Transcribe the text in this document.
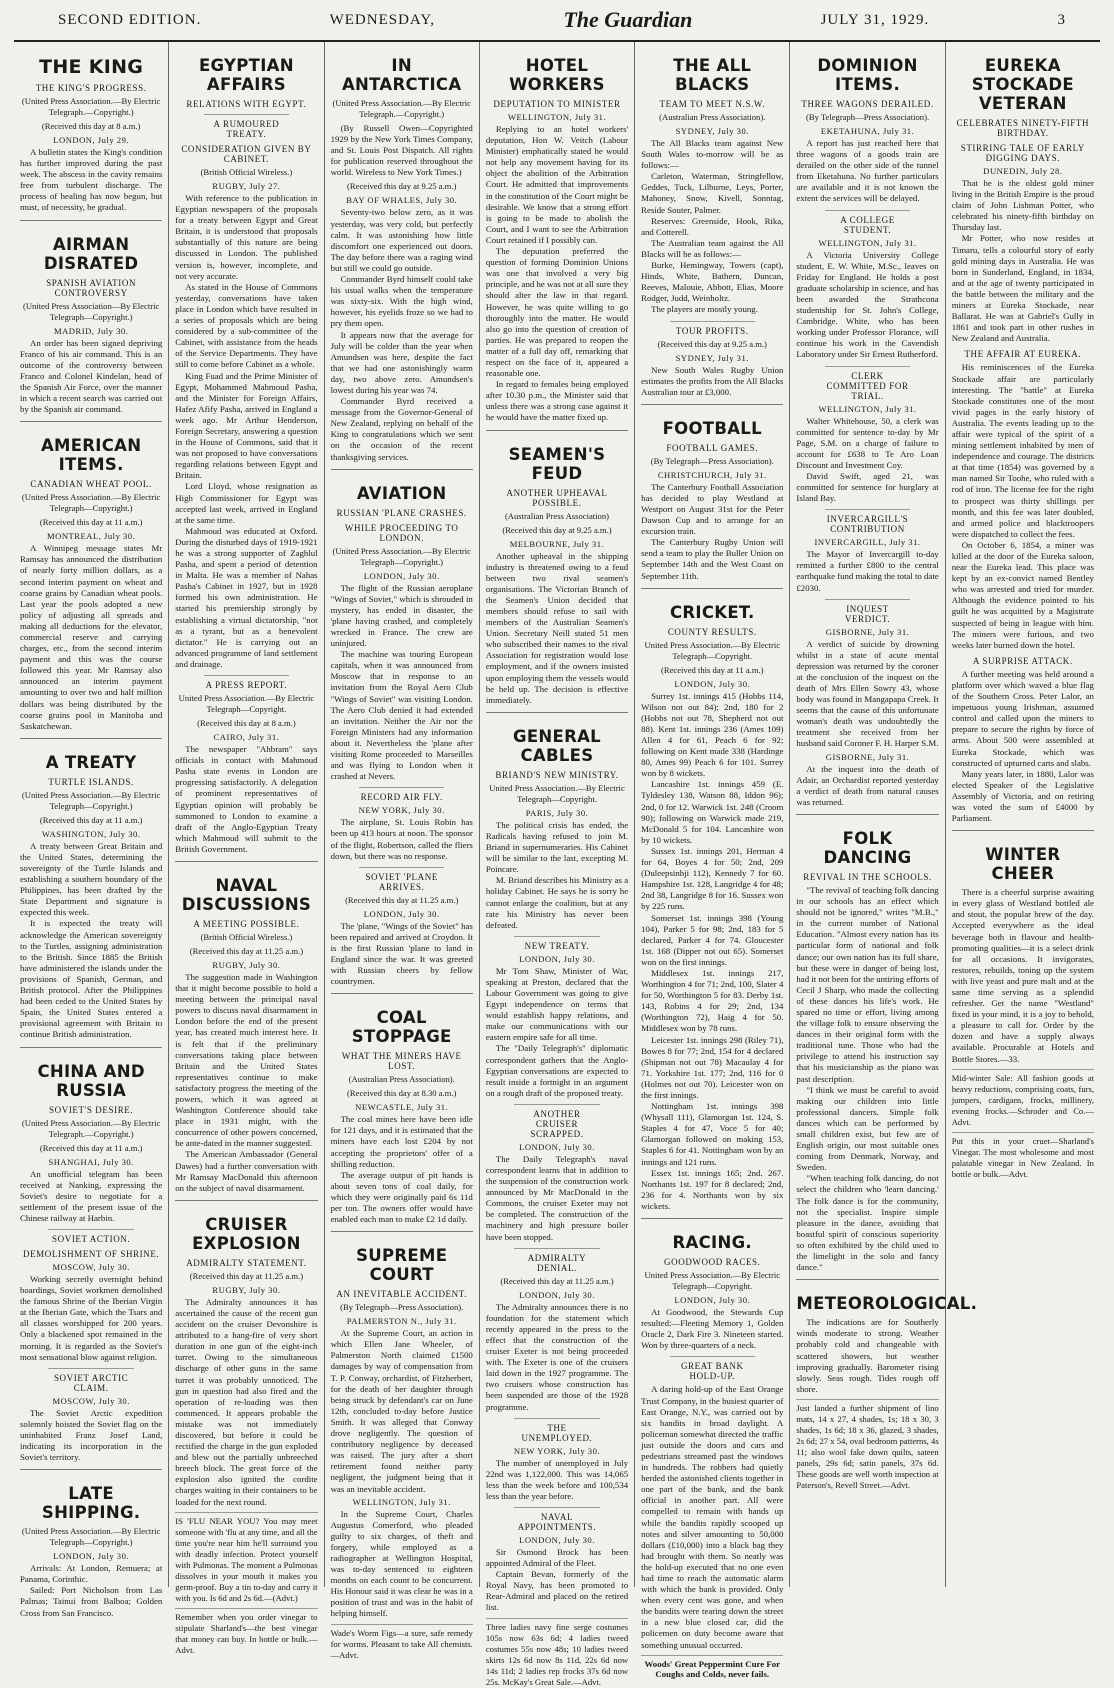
SECOND EDITION.	WEDNESDAY,	The Guardian	JULY 31, 1929.	3
THE KING
THE KING'S PROGRESS.
(United Press Association.—By Electric Telegraph.—Copyright.)
(Received this day at 8 a.m.)
LONDON, July 29.

A bulletin states the King's condition has further improved during the past week. The abscess in the cavity remains free from turbulent discharge. The process of healing has now begun, but must, of necessity, be gradual.

AIRMAN DISRATED
SPANISH AVIATION CONTROVERSY
(United Press Association—By Electric Telegraph—Copyright.)
MADRID, July 30.

An order has been signed depriving Franco of his air command. This is an outcome of the controversy between Franco and Colonel Kindelan, head of the Spanish Air Force, over the manner in which a recent search was carried out by the Spanish air command.

AMERICAN ITEMS.
CANADIAN WHEAT POOL.
(United Press Association.—By Electric Telegraph—Copyright.)
(Received this day at 11 a.m.)
MONTREAL, July 30.

A Winnipeg message states Mr Ramsay has announced the distribution of nearly forty million dollars, as a second interim payment on wheat and coarse grains by Canadian wheat pools. Last year the pools adopted a new policy of adjusting all spreads and making all deductions for the elevator, commercial reserve and carrying charges, etc., from the second interim payment and this was the course followed this year. Mr Ramsay also announced an interim payment amounting to over two and half million dollars was being distributed by the coarse grains pool in Manitoba and Saskatchewan.

A TREATY
TURTLE ISLANDS.
(United Press Association.—By Electric Telegraph—Copyright.)
(Received this day at 11 a.m.)
WASHINGTON, July 30.

A treaty between Great Britain and the United States, determining the sovereignty of the Turtle Islands and establishing a southern boundary of the Philippines, has been drafted by the State Department and signature is expected this week.

It is expected the treaty will acknowledge the American sovereignty to the Turtles, assigning administration to the British. Since 1885 the British have administered the islands under the provisions of Spanish, German, and British protocol. After the Philippines had been ceded to the United States by Spain, the United States entered a provisional agreement with Britain to continue British administration.

CHINA AND RUSSIA
SOVIET'S DESIRE.
(United Press Association.—By Electric Telegraph.—Copyright.)
(Received this day at 11 a.m.)
SHANGHAI, July 30.

An unofficial telegram has been received at Nanking, expressing the Soviet's desire to negotiate for a settlement of the present issue of the Chinese railway at Harbin.

SOVIET ACTION.
DEMOLISHMENT OF SHRINE.
MOSCOW, July 30.

Working secretly overnight behind boardings, Soviet workmen demolished the famous Shrine of the Iberian Virgin at the Iberian Gate, which the Tsars and all classes worshipped for 200 years. Only a blackened spot remained in the morning. It is regarded as the Soviet's most sensational blow against religion.

SOVIET ARCTIC CLAIM.
MOSCOW, July 30.

The Soviet Arctic expedition solemnly hoisted the Soviet flag on the uninhabited Franz Josef Land, indicating its incorporation in the Soviet's territory.

LATE SHIPPING.
(United Press Association.—By Electric Telegraph—Copyright.)
LONDON, July 30.

Arrivals: At London, Remuera; at Panama, Corinthic.

Sailed: Port Nicholson from Las Palmas; Tainui from Balboa; Golden Cross from San Francisco.

EGYPTIAN AFFAIRS
RELATIONS WITH EGYPT.
A RUMOURED TREATY.
CONSIDERATION GIVEN BY CABINET.
(British Official Wireless.)
RUGBY, July 27.

With reference to the publication in Egyptian newspapers of the proposals for a treaty between Egypt and Great Britain, it is understood that proposals substantially of this nature are being discussed in London. The published version is, however, incomplete, and not very accurate.

As stated in the House of Commons yesterday, conversations have taken place in London which have resulted in a series of proposals which are being considered by a sub-committee of the Cabinet, with assistance from the heads of the Service Departments. They have still to come before Cabinet as a whole.

King Fuad and the Prime Minister of Egypt, Mohammed Mahmoud Pasha, and the Minister for Foreign Affairs, Hafez Afify Pasha, arrived in England a week ago. Mr Arthur Henderson, Foreign Secretary, answering a question in the House of Commons, said that it was not proposed to have conversations regarding relations between Egypt and Britain.

Lord Lloyd, whose resignation as High Commissioner for Egypt was accepted last week, arrived in England at the same time.

Mahmoud was educated at Oxford. During the disturbed days of 1919-1921 he was a strong supporter of Zaghlul Pasha, and spent a period of detention in Malta. He was a member of Nahas Pasha's Cabinet in 1927, but in 1928 formed his own administration. He started his premiership strongly by establishing a virtual dictatorship, "not as a tyrant, but as a benevolent dictator." He is carrying out an advanced programme of land settlement and drainage.

A PRESS REPORT.
United Press Association.—By Electric Telegraph—Copyright.
(Received this day at 8 a.m.)
CAIRO, July 31.

The newspaper "Ahbram" says officials in contact with Mahmoud Pasha state events in London are progressing satisfactorily. A delegation of prominent representatives of Egyptian opinion will probably be summoned to London to examine a draft of the Anglo-Egyptian Treaty which Mahmoud will submit to the British Government.

NAVAL DISCUSSIONS
A MEETING POSSIBLE.
(British Official Wireless.)
(Received this day at 11.25 a.m.)
RUGBY, July 30.

The suggestion made in Washington that it might become possible to hold a meeting between the principal naval powers to discuss naval disarmament in London before the end of the present year, has created much interest here. It is felt that if the preliminary conversations taking place between Britain and the United States representatives continue to make satisfactory progress the meeting of the powers, which it was agreed at Washington Conference should take place in 1931 might, with the concurrence of other powers concerned, be ante-dated in the manner suggested.

The American Ambassador (General Dawes) had a further conversation with Mr Ramsay MacDonald this afternoon on the subject of naval disarmament.

CRUISER EXPLOSION
ADMIRALTY STATEMENT.
(Received this day at 11.25 a.m.)
RUGBY, July 30.

The Admiralty announces it has ascertained the cause of the recent gun accident on the cruiser Devonshire is attributed to a hang-fire of very short duration in one gun of the eight-inch turret. Owing to the simultaneous discharge of other guns in the same turret it was probably unnoticed. The gun in question had also fired and the operation of re-loading was then commenced. It appears probable the mistake was not immediately discovered, but before it could be rectified the charge in the gun exploded and blew out the partially unbreeched breech block. The great force of the explosion also ignited the cordite charges waiting in their containers to be loaded for the next round.

IS 'FLU NEAR YOU? You may meet someone with 'flu at any time, and all the time you're near him he'll surround you with deadly infection. Protect yourself with Pulmonas. The moment a Pulmonas dissolves in your mouth it makes you germ-proof. Buy a tin to-day and carry it with you. Is 6d and 2s 6d.—(Advt.)
Remember when you order vinegar to stipulate Sharland's—the best vinegar that money can buy. In bottle or bulk.—Advt.
IN ANTARCTICA
(United Press Association.—By Electric Telegraph.—Copyright.)

(By Russell Owen—Copyrighted 1929 by the New York Times Company, and St. Louis Post Dispatch. All rights for publication reserved throughout the world. Wireless to New York Times.)

(Received this day at 9.25 a.m.)
BAY OF WHALES, July 30.

Seventy-two below zero, as it was yesterday, was very cold, but perfectly calm. It was astonishing how little discomfort one experienced out doors. The day before there was a raging wind but still we could go outside.

Commander Byrd himself could take his usual walks when the temperature was sixty-six. With the high wind, however, his eyelids froze so we had to pry them open.

It appears now that the average for July will be colder than the year when Amundsen was here, despite the fact that we had one astonishingly warm day, two above zero. Amundsen's lowest during his year was 74.

Commander Byrd received a message from the Governor-General of New Zealand, replying on behalf of the King to congratulations which we sent on the occasion of the recent thanksgiving services.

AVIATION
RUSSIAN 'PLANE CRASHES.
WHILE PROCEEDING TO LONDON.
(United Press Association.—By Electric Telegraph—Copyright.)
LONDON, July 30.

The flight of the Russian aeroplane "Wings of Soviet," which is shrouded in mystery, has ended in disaster, the 'plane having crashed, and completely wrecked in France. The crew are uninjured.

The machine was touring European capitals, when it was announced from Moscow that in response to an invitation from the Royal Aero Club "Wings of Soviet" was visiting London. The Aero Club denied it had extended an invitation. Neither the Air nor the Foreign Ministers had any information about it. Nevertheless the 'plane after visiting Rome proceeded to Marseilles and was flying to London when it crashed at Nevers.

RECORD AIR FLY.
NEW YORK, July 30.

The airplane, St. Louis Robin has been up 413 hours at noon. The sponsor of the flight, Robertson, called the fliers down, but there was no response.

SOVIET 'PLANE ARRIVES.
(Received this day at 11.25 a.m.)
LONDON, July 30.

The 'plane, "Wings of the Soviet" has been repaired and arrived at Croydon. It is the first Russian 'plane to land in England since the war. It was greeted with Russian cheers by fellow countrymen.

COAL STOPPAGE
WHAT THE MINERS HAVE LOST.
(Australian Press Association).
(Received this day at 8.30 a.m.)
NEWCASTLE, July 31.

The coal mines here have been idle for 121 days, and it is estimated that the miners have each lost £204 by not accepting the proprietors' offer of a shilling reduction.

The average output of pit hands is about seven tons of coal daily, for which they were originally paid 6s 11d per ton. The owners offer would have enabled each man to make £2 1d daily.

SUPREME COURT
AN INEVITABLE ACCIDENT.
(By Telegraph—Press Association).
PALMERSTON N., July 31.

At the Supreme Court, an action in which Ellen Jane Wheeler, of Palmerston North claimed £1500 damages by way of compensation from T. P. Conway, orchardist, of Fitzherbert, for the death of her daughter through being struck by defendant's car on June 12th, concluded to-day before Justice Smith. It was alleged that Conway drove negligently. The question of contributory negligence by deceased was raised. The jury after a short retirement found neither party negligent, the judgment being that it was an inevitable accident.

WELLINGTON, July 31.

In the Supreme Court, Charles Augustus Comerford, who pleaded guilty to six charges, of theft and forgery, while employed as a radiographer at Wellington Hospital, was to-day sentenced to eighteen months on each count to be concurrent. His Honour said it was clear he was in a position of trust and was in the habit of helping himself.

Wade's Worm Figs—a sure, safe remedy for worms. Pleasant to take All chemists.—Advt.
HOTEL WORKERS
DEPUTATION TO MINISTER
WELLINGTON, July 31.

Replying to an hotel workers' deputation, Hon W. Veitch (Labour Minister) emphatically stated he would not help any movement having for its object the abolition of the Arbitration Court. He admitted that improvements in the constitution of the Court might be desirable. We know that a strong effort is going to be made to abolish the Court, and I want to see the Arbitration Court retained if I possibly can.

The deputation preferred the question of forming Dominion Unions was one that involved a very big principle, and he was not at all sure they should alter the law in that regard. However, he was quite willing to go thoroughly into the matter. He would also go into the question of creation of parties. He was prepared to reopen the matter of a full day off, remarking that respect on the face of it, appeared a reasonable one.

In regard to females being employed after 10.30 p.m., the Minister said that unless there was a strong case against it he would have the matter fixed up.

SEAMEN'S FEUD
ANOTHER UPHEAVAL POSSIBLE.
(Australian Press Association)
(Received this day at 9.25 a.m.)
MELBOURNE, July 31.

Another upheaval in the shipping industry is threatened owing to a feud between two rival seamen's organisations. The Victorian Branch of the Seamen's Union decided that members should refuse to sail with members of the Australian Seamen's Union. Secretary Neill stated 51 men who subscribed their names to the rival Association for registration would lose employment, and if the owners insisted upon employing them the vessels would be held up. The decision is effective immediately.

GENERAL CABLES
BRIAND'S NEW MINISTRY.
United Press Association.—By Electric Telegraph—Copyright.
PARIS, July 30.

The political crisis has ended, the Radicals having refused to join M. Briand in supernumeraries. His Cabinet will be similar to the last, excepting M. Poincare.

M. Briand describes his Ministry as a holiday Cabinet. He says he is sorry he cannot enlarge the coalition, but at any rate his Ministry has never been defeated.

NEW TREATY.
LONDON, July 30.

Mr Tom Shaw, Minister of War, speaking at Preston, declared that the Labour Government was going to give Egypt independence on terms that would establish happy relations, and make our communications with our eastern empire safe for all time.

The "Daily Telegraph's" diplomatic correspondent gathers that the Anglo-Egyptian conversations are expected to result inside a fortnight in an argument on a rough draft of the proposed treaty.

ANOTHER CRUISER SCRAPPED.
LONDON, July 30.

The Daily Telegraph's naval correspondent learns that in addition to the suspension of the construction work announced by Mr MacDonald in the Commons, the cruiser Exeter may not be completed. The construction of the machinery and high pressure boiler have been stopped.

ADMIRALTY DENIAL.
(Received this day at 11.25 a.m.)
LONDON, July 30.

The Admiralty announces there is no foundation for the statement which recently appeared in the press to the effect that the construction of the cruiser Exeter is not being proceeded with. The Exeter is one of the cruisers laid down in the 1927 programme. The two cruisers whose construction has been suspended are those of the 1928 programme.

THE UNEMPLOYED.
NEW YORK, July 30.

The number of unemployed in July 22nd was 1,122,000. This was 14,065 less than the week before and 100,534 less than the year before.

NAVAL APPOINTMENTS.
LONDON, July 30.

Sir Osmond Brock has been appointed Admiral of the Fleet.

Captain Bevan, formerly of the Royal Navy, has been promoted to Rear-Admiral and placed on the retired list.

Three ladies navy fine serge costumes 105s now 63s 6d; 4 ladies tweed costumes 55s now 48s; 10 ladies tweed skirts 12s 6d now 8s 11d, 22s 6d now 14s 11d; 2 ladies rep frocks 37s 6d now 25s. McKay's Great Sale.—Advt.
THE ALL BLACKS
TEAM TO MEET N.S.W.
(Australian Press Association).
SYDNEY, July 30.

The All Blacks team against New South Wales to-morrow will be as follows:—

Carleton, Waterman, Stringfellow, Geddes, Tuck, Lilburne, Leys, Porter, Mahoney, Snow, Kivell, Sonntag, Reside Souter, Palmer.

Reserves: Greenside, Hook, Rika, and Cotterell.

The Australian team against the All Blacks will be as follows:—

Burke, Hemingway, Towers (capt), Hinds, White, Bathern, Duncan, Reeves, Malouie, Abbott, Elias, Moore Rodger, Judd, Weinholtz.

The players are mostly young.

TOUR PROFITS.
(Received this day at 9.25 a.m.)
SYDNEY, July 31.

New South Wales Rugby Union estimates the profits from the All Blacks Australian tour at £3,000.

FOOTBALL
FOOTBALL GAMES.
(By Telegraph—Press Association).
CHRISTCHURCH, July 31.

The Canterbury Football Association has decided to play Westland at Westport on August 31st for the Peter Dawson Cup and to arrange for an excursion train.

The Canterbury Rugby Union will send a team to play the Buller Union on September 14th and the West Coast on September 11th.

CRICKET.
COUNTY RESULTS.
United Press Association.—By Electric Telegraph—Copyright.
(Received this day at 11 a.m.)
LONDON, July 30.

Surrey 1st. innings 415 (Hobbs 114, Wilson not out 84); 2nd, 180 for 2 (Hobbs not out 78, Shepherd not out 88). Kent 1st. innings 236 (Ames 109) Allen 4 for 61, Peach 6 for 92; following on Kent made 338 (Hardinge 80, Ames 99) Peach 6 for 101. Surrey won by 8 wickets.

Lancashire 1st. innings 459 (E. Tyldesley 138, Watson 88, Iddon 96); 2nd, 0 for 12. Warwick 1st. 248 (Croom 90); following on Warwick made 219, McDonald 5 for 104. Lancashire won by 10 wickets.

Sussex 1st. innings 201, Herman 4 for 64, Boyes 4 for 50; 2nd, 209 (Duleepsinhji 112), Kennedy 7 for 60. Hampshire 1st. 128, Langridge 4 for 48; 2nd 38, Langridge 8 for 16. Sussex won by 225 runs.

Somerset 1st. innings 398 (Young 104), Parker 5 for 98; 2nd, 183 for 5 declared, Parker 4 for 74. Gloucester 1st. 168 (Dipper not out 65). Somerset won on the first innings.

Middlesex 1st. innings 217, Worthington 4 for 71; 2nd, 100, Slater 4 for 50, Worthington 5 for 83. Derby 1st. 143, Robins 4 for 29; 2nd, 134 (Worthington 72), Haig 4 for 50. Middlesex won by 78 runs.

Leicester 1st. innings 298 (Riley 71), Bowes 8 for 77; 2nd, 154 for 4 declared (Shipman not out 78) Macaulay 4 for 71. Yorkshire 1st. 177; 2nd, 116 for 0 (Holmes not out 70). Leicester won on the first innings.

Nottingham 1st. innings 398 (Whysall 111), Glamorgan 1st. 124, S. Staples 4 for 47, Voce 5 for 40; Glamorgan followed on making 153, Staples 6 for 41. Nottingham won by an innings and 121 runs.

Essex 1st. innings 165; 2nd. 267. Northants 1st. 197 for 8 declared; 2nd, 236 for 4. Northants won by six wickets.

RACING.
GOODWOOD RACES.
United Press Association.—By Electric Telegraph—Copyright.
LONDON, July 30.

At Goodwood, the Stewards Cup resulted:—Fleeting Memory 1, Golden Oracle 2, Dark Fire 3. Nineteen started. Won by three-quarters of a neck.

GREAT BANK HOLD-UP.

A daring hold-up of the East Orange Trust Company, in the busiest quarter of East Orange, N.Y., was carried out by six bandits in broad daylight. A policeman somewhat directed the traffic just outside the doors and cars and pedestrians streamed past the windows in hundreds. The robbers had quietly herded the astonished clients together in one part of the bank, and the bank official in another part. All were compelled to remain with hands up while the bandits rapidly scooped up notes and silver amounting to 50,000 dollars (£10,000) into a black bag they had brought with them. So neatly was the hold-up executed that no one even had time to reach the automatic alarm with which the bank is provided. Only when every cent was gone, and when the bandits were tearing down the street in a new blue closed car, did the policemen on duty become aware that something unusual occurred.

Woods' Great Peppermint Cure For Coughs and Colds, never fails.
DOMINION ITEMS.
THREE WAGONS DERAILED.
(By Telegraph—Press Association).
EKETAHUNA, July 31.

A report has just reached here that three wagons of a goods train are derailed on the other side of the tunnel from Eketahuna. No further particulars are available and it is not known the extent the services will be delayed.

A COLLEGE STUDENT.
WELLINGTON, July 31.

A Victoria University College student, E. W. White, M.Sc., leaves on Friday for England. He holds a post graduate scholarship in science, and has been awarded the Strathcona studentship for St. John's College, Cambridge. White, who has been working under Professor Florance, will continue his work in the Cavendish Laboratory under Sir Ernest Rutherford.

CLERK COMMITTED FOR TRIAL.
WELLINGTON, July 31.

Walter Whitehouse, 50, a clerk was committed for sentence to-day by Mr Page, S.M. on a charge of failure to account for £638 to Te Aro Loan Discount and Investment Coy.

David Swift, aged 21, was committed for sentence for burglary at Island Bay.

INVERCARGILL'S CONTRIBUTION
INVERCARGILL, July 31.

The Mayor of Invercargill to-day remitted a further £800 to the central earthquake fund making the total to date £2030.

INQUEST VERDICT.
GISBORNE, July 31.

A verdict of suicide by drowning whilst in a state of acute mental depression was returned by the coroner at the conclusion of the inquest on the death of Mrs Ellen Sowry 43, whose body was found in Mangapapa Creek. It seems that the cause of this unfortunate woman's death was undoubtedly the treatment she received from her husband said Coroner F. H. Harper S.M.

GISBORNE, July 31.

At the inquest into the death of Adair, an Orchardist reported yesterday a verdict of death from natural causes was returned.

FOLK DANCING
REVIVAL IN THE SCHOOLS.

"The revival of teaching folk dancing in our schools has an effect which should not be ignored," writes "M.B.," in the current number of National Education. "Almost every nation has its particular form of national and folk dance; our own nation has its full share, but these were in danger of being lost, had it not been for the untiring efforts of Cecil J Sharp, who made the collecting of these dances his life's work. He spared no time or effort, living among the village folk to ensure observing the dances in their original form with the traditional tune. Those who had the privilege to attend his instruction say that his musicianship as the piano was past description.

"I think we must be careful to avoid making our children into little professional dancers. Simple folk dances which can be performed by small children exist, but few are of English origin, our most suitable ones coming from Denmark, Norway, and Sweden.

"When teaching folk dancing, do not select the children who 'learn dancing.' The folk dance is for the community, not the specialist. Inspire simple pleasure in the dance, avoiding that boastful spirit of conscious superiority so often exhibited by the child used to the limelight in the solo and fancy dance."

METEOROLOGICAL.

The indications are for Southerly winds moderate to strong. Weather probably cold and changeable with scattered showers, but weather improving gradually. Barometer rising slowly. Seas rough. Tides rough off shore.

Just landed a further shipment of lino mats, 14 x 27, 4 shades, 1s; 18 x 30, 3 shades, 1s 6d; 18 x 36, glazed, 3 shades, 2s 6d; 27 x 54, oval bedroom patterns, 4s 11; also wool fake down quilts, sateen panels, 29s 6d; satin panels, 37s 6d. These goods are well worth inspection at Paterson's, Revell Street.—Advt.
EUREKA STOCKADE VETERAN
CELEBRATES NINETY-FIFTH BIRTHDAY.
STIRRING TALE OF EARLY DIGGING DAYS.
DUNEDIN, July 28.

That he is the oldest gold miner living in the British Empire is the proud claim of John Lishman Potter, who celebrated his ninety-fifth birthday on Thursday last.

Mr Potter, who now resides at Timaru, tells a colourful story of early gold mining days in Australia. He was born in Sunderland, England, in 1834, and at the age of twenty participated in the battle between the military and the miners at Eureka Stockade, near Ballarat. He was at Gabriel's Gully in 1861 and took part in other rushes in New Zealand and Australia.

THE AFFAIR AT EUREKA.

His reminiscences of the Eureka Stockade affair are particularly interesting. The "battle" at Eureka Stockade constitutes one of the most vivid pages in the early history of Australia. The events leading up to the affair were typical of the spirit of a mining settlement inhabited by men of independence and courage. The districts at that time (1854) was governed by a man named Sir Toohe, who ruled with a rod of iron. The license fee for the right to prospect was thirty shillings per month, and this fee was later doubled, and armed police and blacktroopers were dispatched to collect the fees.

On October 6, 1854, a miner was killed at the door of the Eureka saloon, near the Eureka lead. This place was kept by an ex-convict named Bentley who was arrested and tried for murder. Although the evidence pointed to his guilt he was acquitted by a Magistrate suspected of being in league with him. The miners were furious, and two weeks later burned down the hotel.

A SURPRISE ATTACK.

A further meeting was held around a platform over which waved a blue flag of the Southern Cross. Peter Lalor, an impetuous young Irishman, assumed control and called upon the miners to prepare to secure the rights by force of arms. About 500 were assembled at Eureka Stockade, which was constructed of upturned carts and slabs.

Many years later, in 1880, Lalor was elected Speaker of the Legislative Assembly of Victoria, and on retiring was voted the sum of £4000 by Parliament.

WINTER CHEER

There is a cheerful surprise awaiting in every glass of Westland bottled ale and stout, the popular brew of the day. Accepted everywhere as the ideal beverage both in flavour and health-promoting qualities—it is a select drink for all occasions. It invigorates, restores, rebuilds, toning up the system with live yeast and pure malt and at the same time serving as a splendid refresher. Get the name "Westland" fixed in your mind, it is a joy to behold, a pleasure to call for. Order by the dozen and have a supply always available. Procurable at Hotels and Bottle Stores.—33.

Mid-winter Sale: All fashion goods at heavy reductions, comprising coats, furs, jumpers, cardigans, frocks, millinery, evening frocks.—Schroder and Co.—Advt.
Put this in your cruet—Sharland's Vinegar. The most wholesome and most palatable vinegar in New Zealand. In bottle or bulk.—Advt.
